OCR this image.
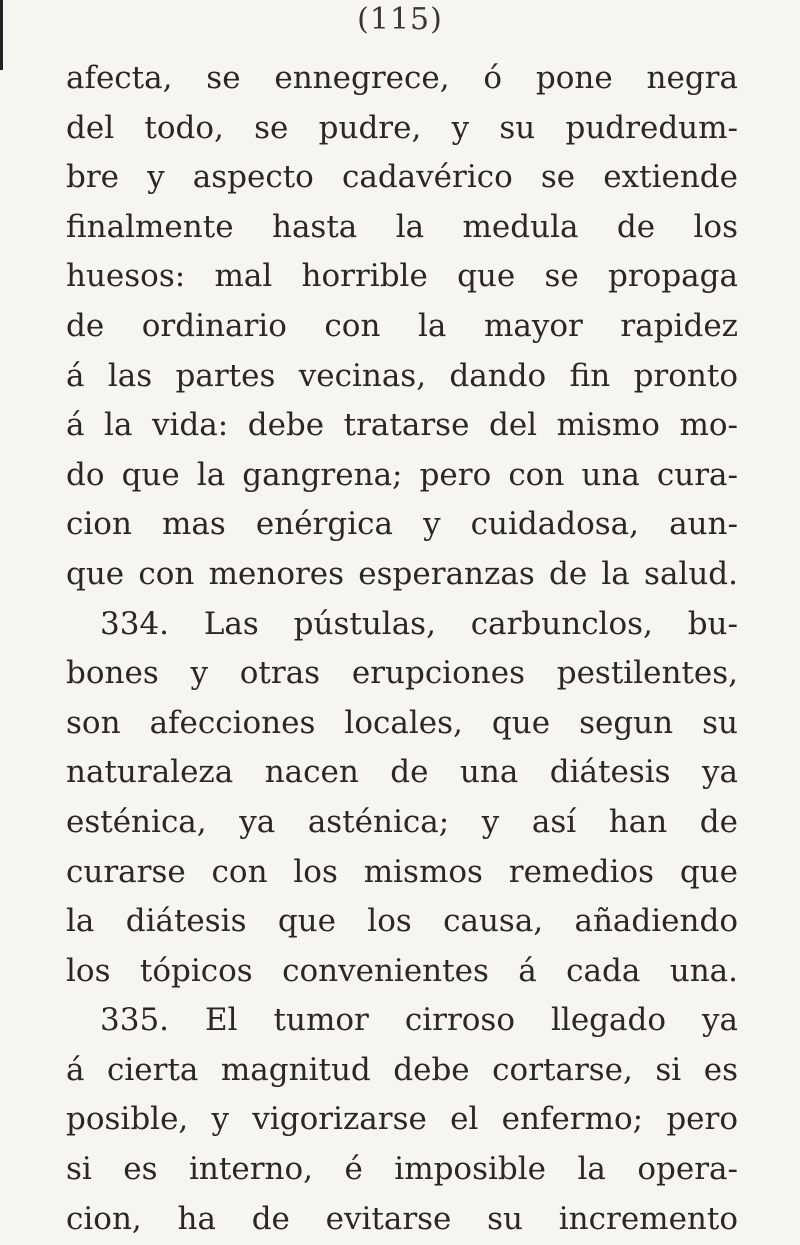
(115)
afecta, se ennegrece, ó pone negra
del todo, se pudre, y su pudredum-
bre y aspecto cadavérico se extiende
finalmente hasta la medula de los
huesos: mal horrible que se propaga
de ordinario con la mayor rapidez
á las partes vecinas, dando fin pronto
á la vida: debe tratarse del mismo mo-
do que la gangrena; pero con una cura-
cion mas enérgica y cuidadosa, aun-
que con menores esperanzas de la salud.
334. Las pústulas, carbunclos, bu-
bones y otras erupciones pestilentes,
son afecciones locales, que segun su
naturaleza nacen de una diátesis ya
esténica, ya asténica; y así han de
curarse con los mismos remedios que
la diátesis que los causa, añadiendo
los tópicos convenientes á cada una.
335. El tumor cirroso llegado ya
á cierta magnitud debe cortarse, si es
posible, y vigorizarse el enfermo; pero
si es interno, é imposible la opera-
cion, ha de evitarse su incremento
